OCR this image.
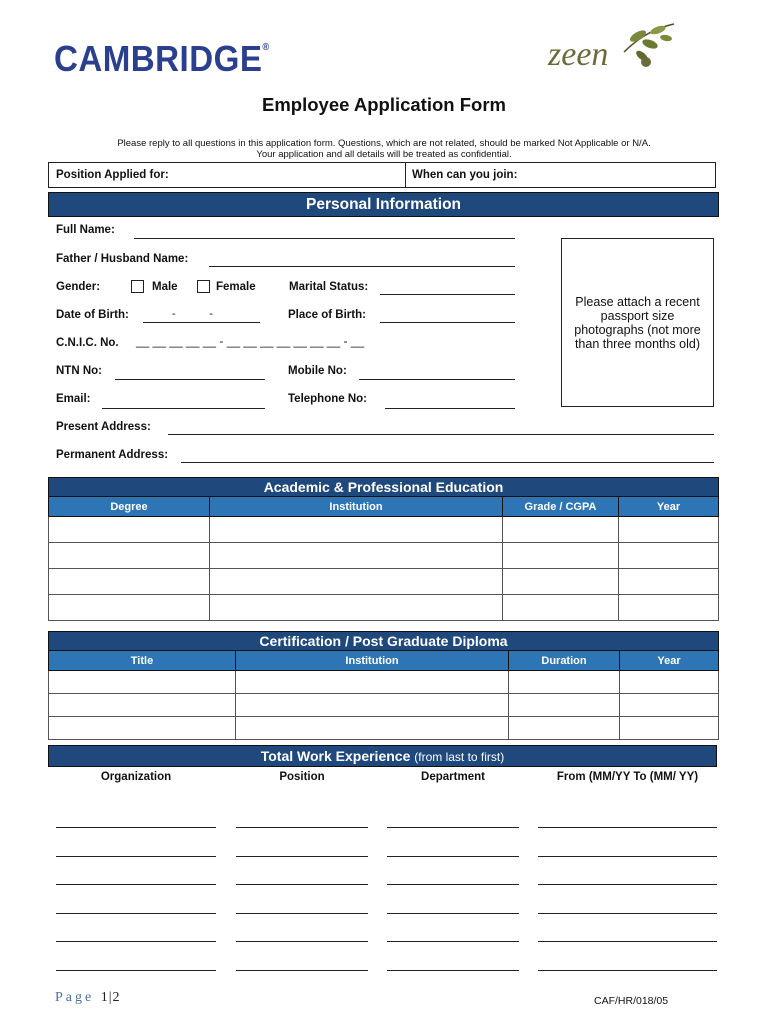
CAMBRIDGE®	zeen
Employee Application Form
Please reply to all questions in this application form. Questions, which are not related, should be marked Not Applicable or N/A.
Your application and all details will be treated as confidential.
Position Applied for:	When can you join:
Personal Information
Full Name:
Father / Husband Name:
Gender:	Male	Female	Marital Status:
Date of Birth:	-           -	Place of Birth:
C.N.I.C. No. __ __ __ __ __ - __ __ __ __ __ __ __ - __
NTN No:	Mobile No:
Email:	Telephone No:
Present Address:
Permanent Address:
Please attach a recent passport size photographs (not more than three months old)
Academic & Professional Education
Degree	Institution	Grade / CGPA	Year

Certification / Post Graduate Diploma
Title	Institution	Duration	Year

Total Work Experience (from last to first)
Organization	Position	Department	From (MM/YY To (MM/ YY)
Page 1|2	CAF/HR/018/05
